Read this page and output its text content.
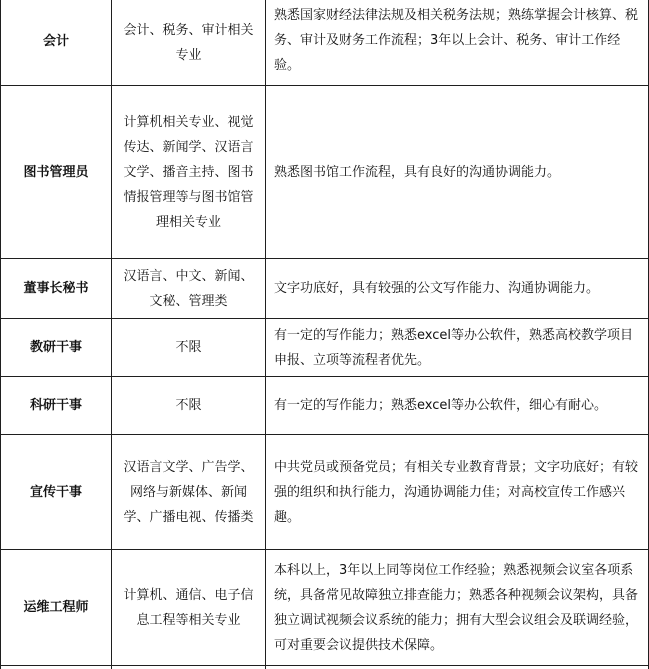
会计	会计、税务、审计相关专业	熟悉国家财经法律法规及相关税务法规；熟练掌握会计核算、税务、审计及财务工作流程；3年以上会计、税务、审计工作经验。
图书管理员	计算机相关专业、视觉传达、新闻学、汉语言文学、播音主持、图书情报管理等与图书馆管理相关专业	熟悉图书馆工作流程，具有良好的沟通协调能力。
董事长秘书	汉语言、中文、新闻、文秘、管理类	文字功底好，具有较强的公文写作能力、沟通协调能力。
教研干事	不限	有一定的写作能力；熟悉excel等办公软件，熟悉高校教学项目申报、立项等流程者优先。
科研干事	不限	有一定的写作能力；熟悉excel等办公软件，细心有耐心。
宣传干事	汉语言文学、广告学、网络与新媒体、新闻学、广播电视、传播类	中共党员或预备党员；有相关专业教育背景；文字功底好；有较强的组织和执行能力，沟通协调能力佳；对高校宣传工作感兴趣。
运维工程师	计算机、通信、电子信息工程等相关专业	本科以上，3年以上同等岗位工作经验；熟悉视频会议室各项系统，具备常见故障独立排查能力；熟悉各种视频会议架构，具备独立调试视频会议系统的能力；拥有大型会议组会及联调经验，可对重要会议提供技术保障。
